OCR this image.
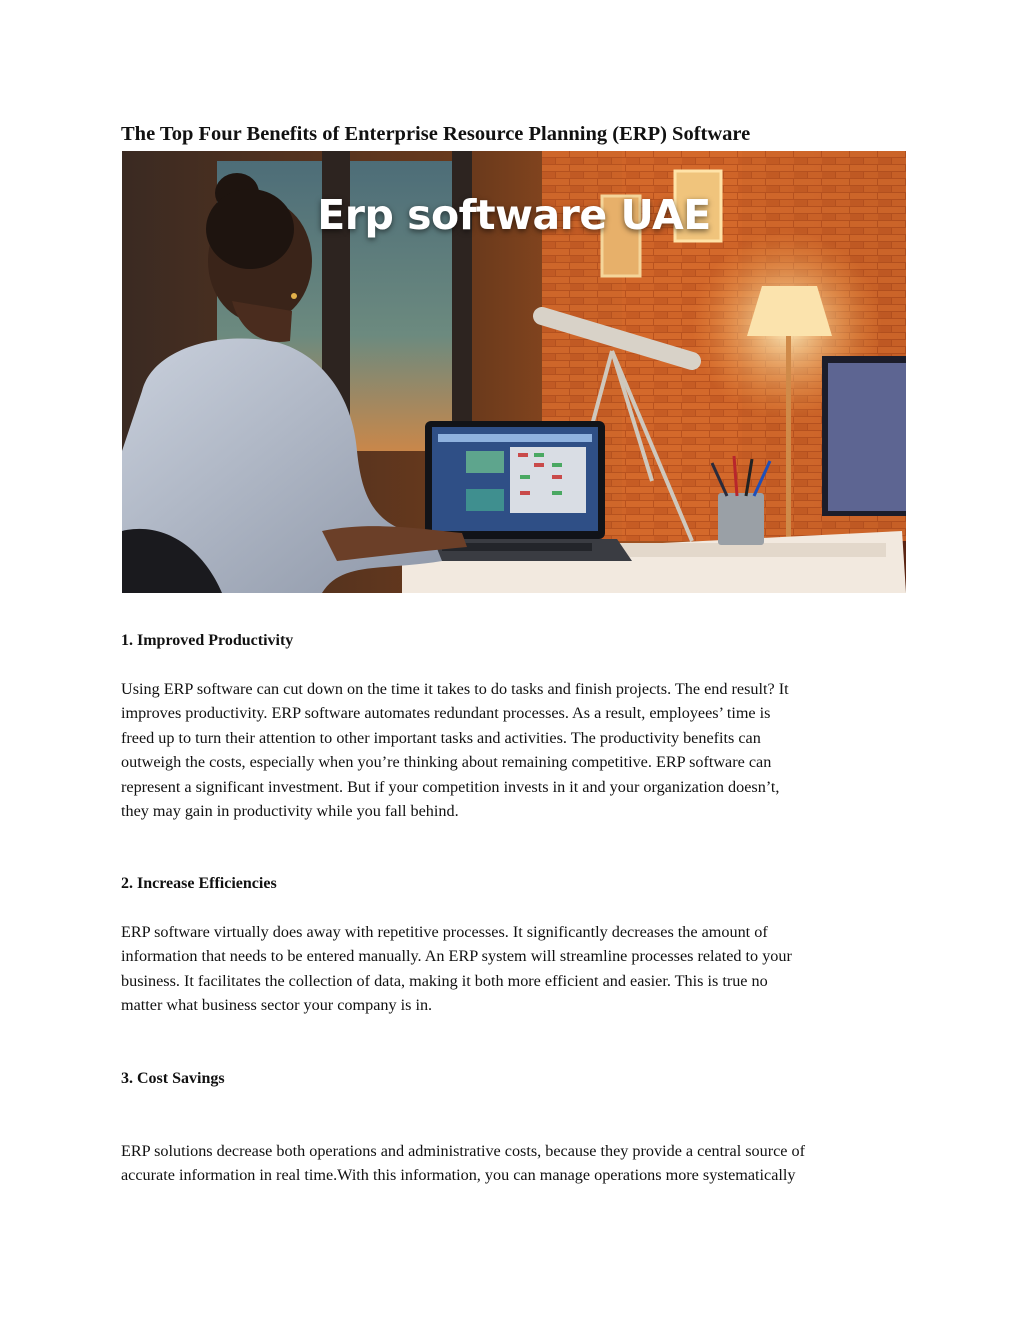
The Top Four Benefits of Enterprise Resource Planning (ERP) Software
Erp software UAE
1. Improved Productivity

Using ERP software can cut down on the time it takes to do tasks and finish projects. The end result? It
improves productivity. ERP software automates redundant processes. As a result, employees’ time is
freed up to turn their attention to other important tasks and activities. The productivity benefits can
outweigh the costs, especially when you’re thinking about remaining competitive. ERP software can
represent a significant investment. But if your competition invests in it and your organization doesn’t,
they may gain in productivity while you fall behind.

2. Increase Efficiencies

ERP software virtually does away with repetitive processes. It significantly decreases the amount of
information that needs to be entered manually. An ERP system will streamline processes related to your
business. It facilitates the collection of data, making it both more efficient and easier. This is true no
matter what business sector your company is in.

3. Cost Savings

ERP solutions decrease both operations and administrative costs, because they provide a central source of
accurate information in real time.With this information, you can manage operations more systematically
